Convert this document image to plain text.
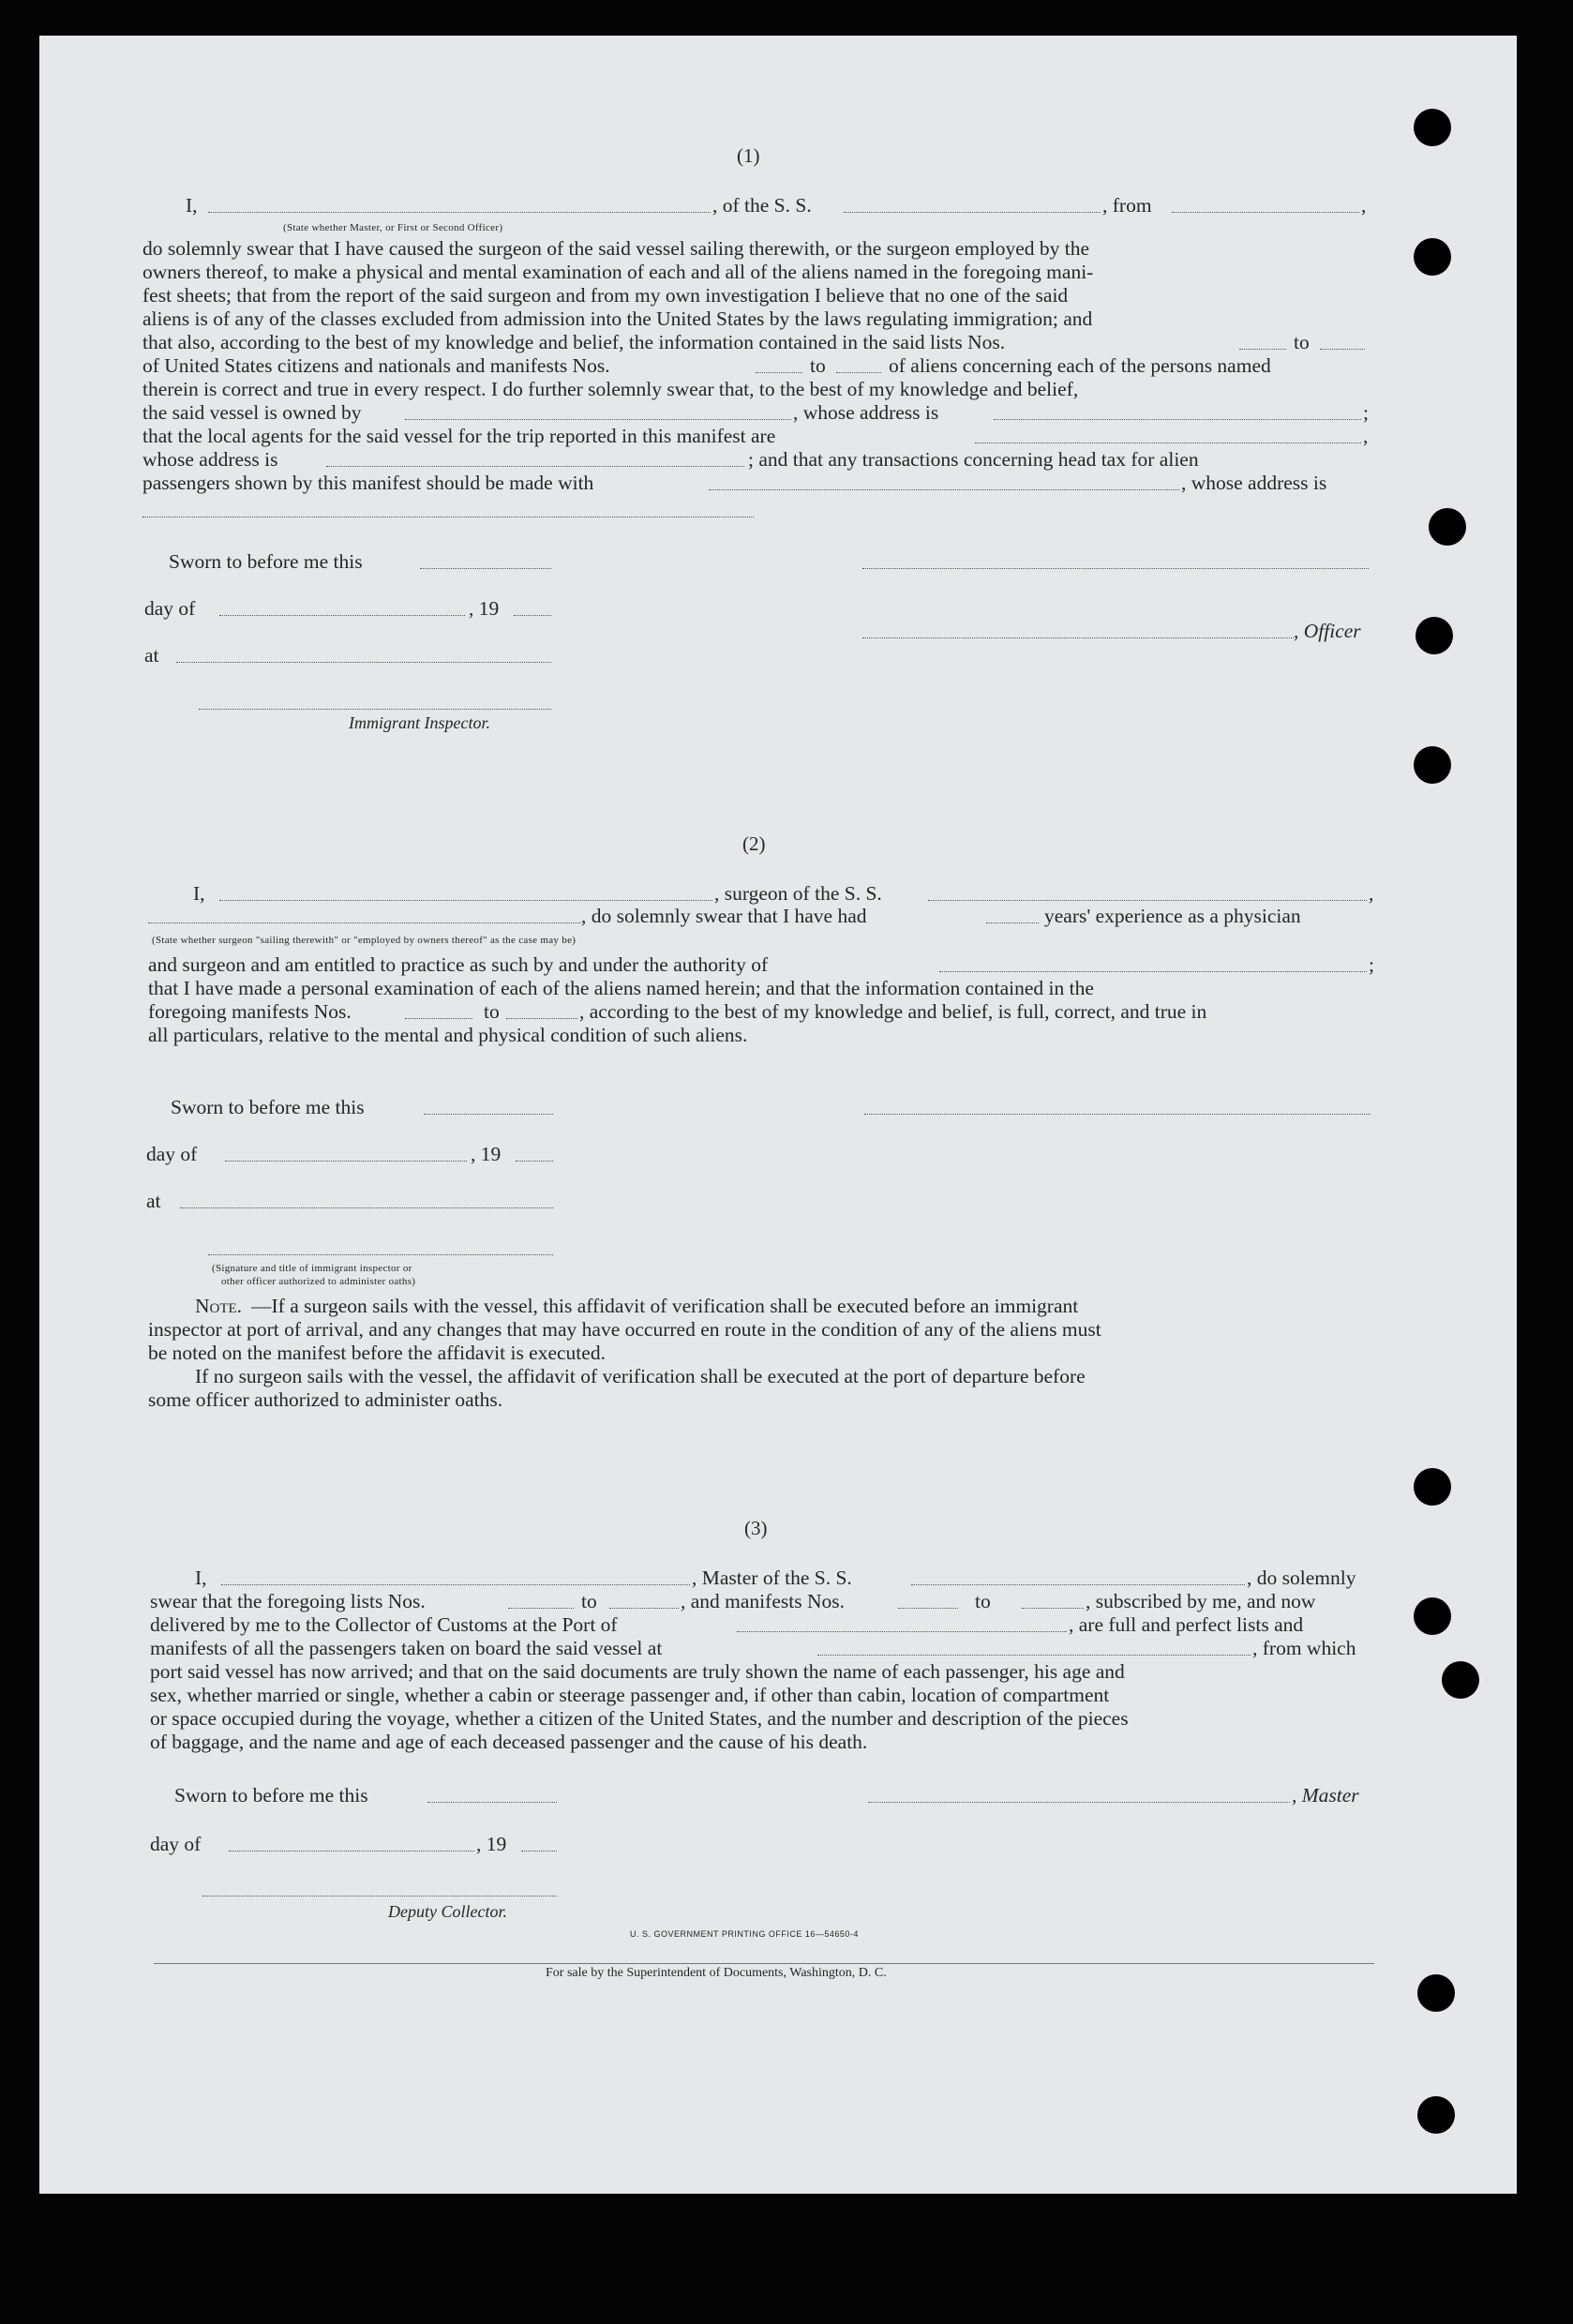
(1)
I,	, of the S. S.	, from	,
(State whether Master, or First or Second Officer)
do solemnly swear that I have caused the surgeon of the said vessel sailing therewith, or the surgeon employed by the
owners thereof, to make a physical and mental examination of each and all of the aliens named in the foregoing mani-
fest sheets; that from the report of the said surgeon and from my own investigation I believe that no one of the said
aliens is of any of the classes excluded from admission into the United States by the laws regulating immigration; and
that also, according to the best of my knowledge and belief, the information contained in the said lists Nos.	to
of United States citizens and nationals and manifests Nos.	to	of aliens concerning each of the persons named
therein is correct and true in every respect. I do further solemnly swear that, to the best of my knowledge and belief,
the said vessel is owned by	, whose address is	;
that the local agents for the said vessel for the trip reported in this manifest are	,
whose address is	; and that any transactions concerning head tax for alien
passengers shown by this manifest should be made with	, whose address is
Sworn to before me this
day of	, 19
, Officer
at
Immigrant Inspector.
(2)
I,	, surgeon of the S. S.	,
, do solemnly swear that I have had	years' experience as a physician
(State whether surgeon "sailing therewith" or "employed by owners thereof" as the case may be)
and surgeon and am entitled to practice as such by and under the authority of	;
that I have made a personal examination of each of the aliens named herein; and that the information contained in the
foregoing manifests Nos.	to	, according to the best of my knowledge and belief, is full, correct, and true in
all particulars, relative to the mental and physical condition of such aliens.
Sworn to before me this
day of	, 19
at
(Signature and title of immigrant inspector or
other officer authorized to administer oaths)
Note. —If a surgeon sails with the vessel, this affidavit of verification shall be executed before an immigrant
inspector at port of arrival, and any changes that may have occurred en route in the condition of any of the aliens must
be noted on the manifest before the affidavit is executed.
If no surgeon sails with the vessel, the affidavit of verification shall be executed at the port of departure before
some officer authorized to administer oaths.
(3)
I,	, Master of the S. S.	, do solemnly
swear that the foregoing lists Nos.	to	, and manifests Nos.	to	, subscribed by me, and now
delivered by me to the Collector of Customs at the Port of	, are full and perfect lists and
manifests of all the passengers taken on board the said vessel at	, from which
port said vessel has now arrived; and that on the said documents are truly shown the name of each passenger, his age and
sex, whether married or single, whether a cabin or steerage passenger and, if other than cabin, location of compartment
or space occupied during the voyage, whether a citizen of the United States, and the number and description of the pieces
of baggage, and the name and age of each deceased passenger and the cause of his death.
Sworn to before me this	, Master
day of	, 19
Deputy Collector.
U. S. GOVERNMENT PRINTING OFFICE 16—54650-4
For sale by the Superintendent of Documents, Washington, D. C.
